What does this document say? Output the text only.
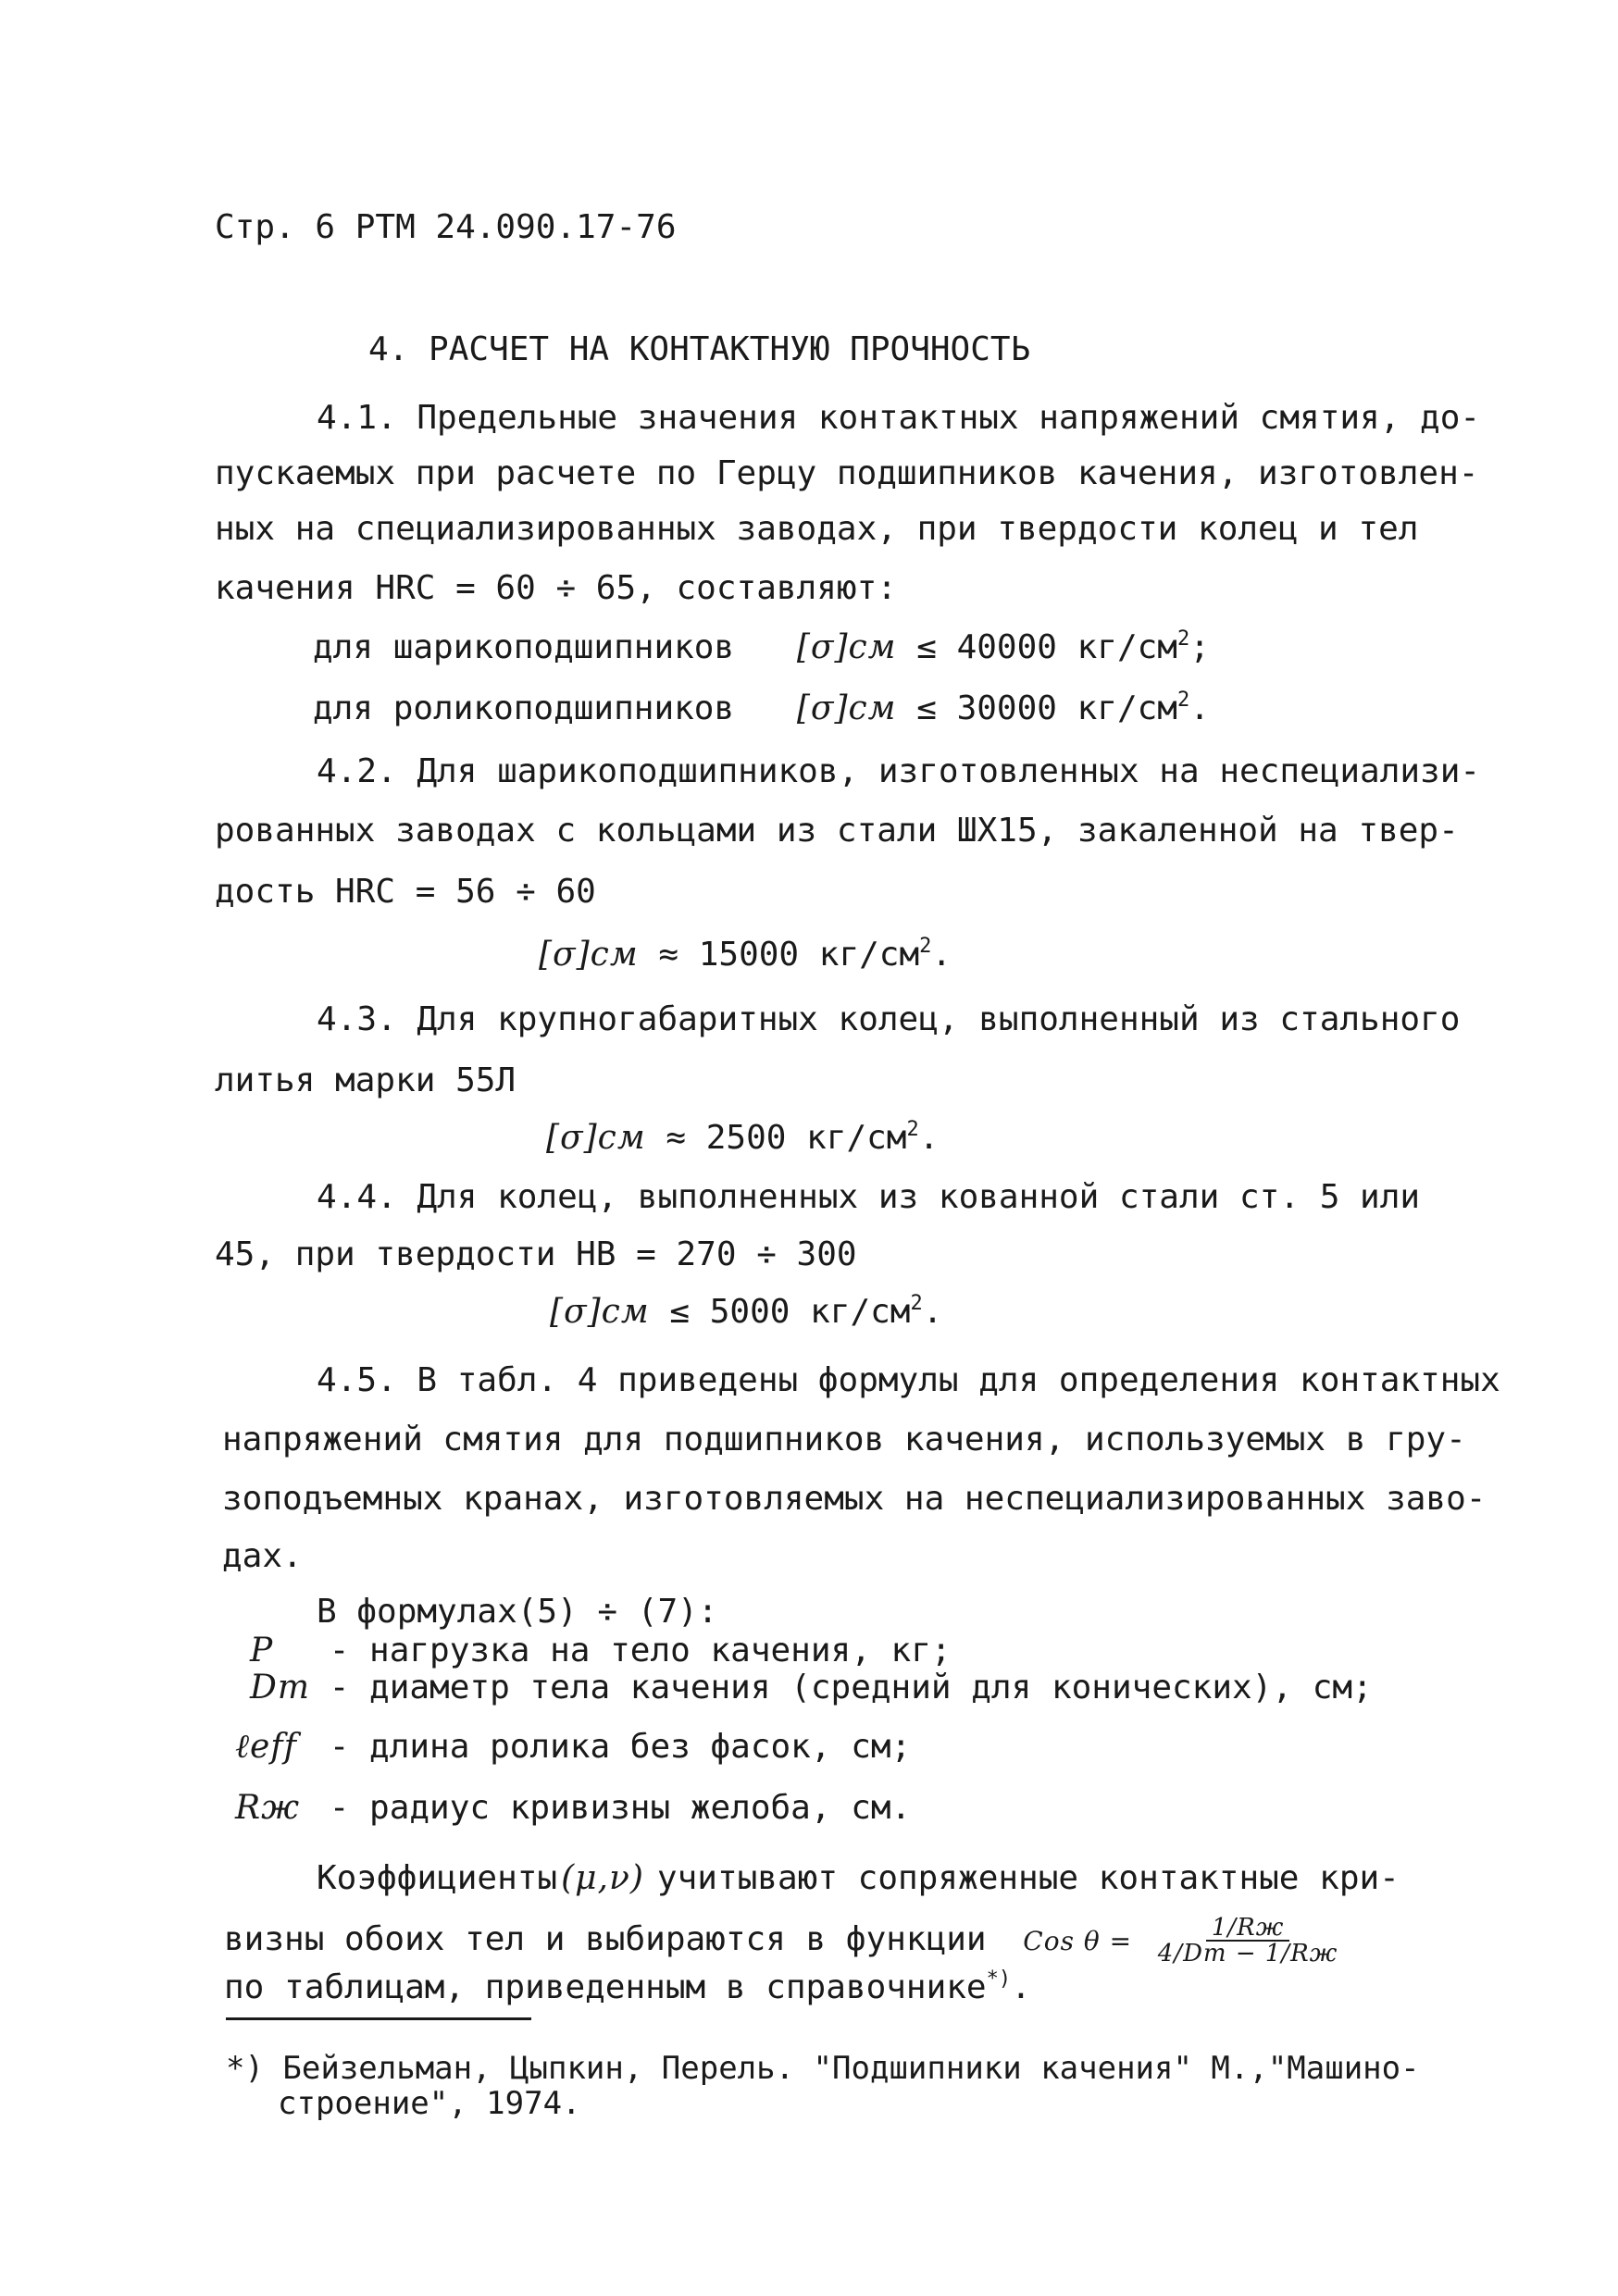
Стр. 6 РТМ 24.090.17-76
4. РАСЧЕТ НА КОНТАКТНУЮ ПРОЧНОСТЬ
4.1. Предельные значения контактных напряжений смятия, до-
пускаемых при расчете по Герцу подшипников качения, изготовлен-
ных на специализированных заводах, при твердости колец и тел
качения HRC = 60 ÷ 65, составляют:
для шарикоподшипников [σ]см ≤ 40000 $кг/см^2$;
для роликоподшипников [σ]см ≤ 30000 $кг/см^2$.
4.2. Для шарикоподшипников, изготовленных на неспециализи-
рованных заводах с кольцами из стали ШХ15, закаленной на твер-
дость HRC = 56 ÷ 60
[σ]см ≈ 15000 $кг/см^2$.
4.3. Для крупногабаритных колец, выполненный из стального
литья марки 55Л
[σ]см ≈ 2500 $кг/см^2$.
4.4. Для колец, выполненных из кованной стали ст. 5 или
45, при твердости HB = 270 ÷ 300
[σ]см ≤ 5000 $кг/см^2$.
4.5. В табл. 4 приведены формулы для определения контактных
напряжений смятия для подшипников качения, используемых в гру-
зоподъемных кранах, изготовляемых на неспециализированных заво-
дах.
В формулах(5) ÷ (7):
P - нагрузка на тело качения, кг;
Dт - диаметр тела качения (средний для конических), см;
ℓeff - длина ролика без фасок, см;
Rж - радиус кривизны желоба, см.
Коэффициенты (μ,ν) учитывают сопряженные контактные кри-
визны обоих тел и выбираются в функции Cos $\theta = \frac{1/Rж}{4/Dт - 1/Rж}$
по таблицам, приведенным в справочнике*).
*) Бейзельман, Цыпкин, Перель. "Подшипники качения" М.,"Машино-
строение", 1974.
